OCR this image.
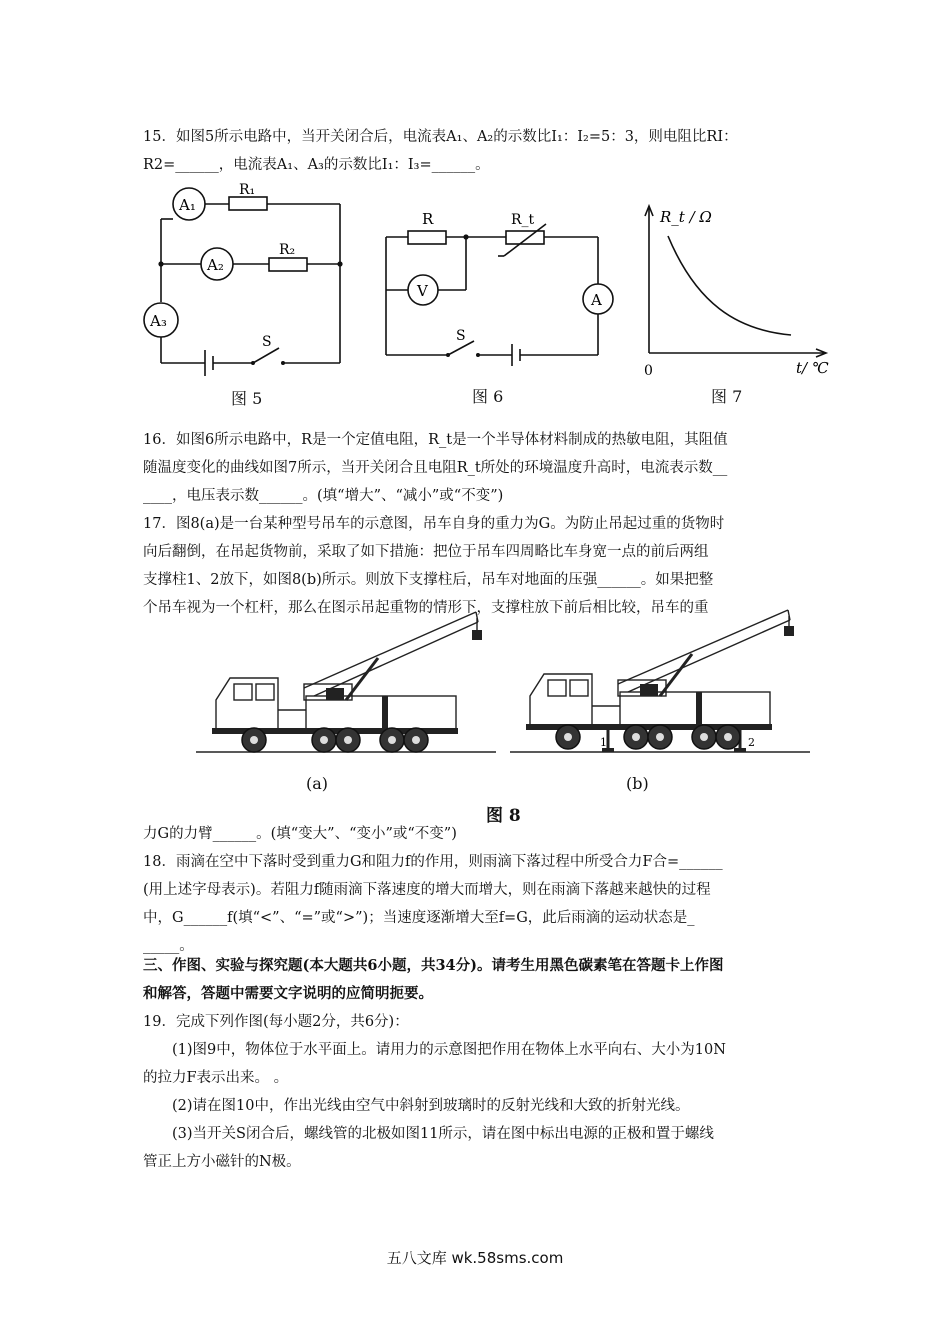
15．如图5所示电路中，当开关闭合后，电流表A₁、A₂的示数比I₁：I₂=5：3，则电阻比RI：

R2=______，电流表A₁、A₃的示数比I₁：I₃=______。

A₁
A₂
A₃
R₁
R₂
S
图 5
R	R_t
V	A
S
图 6
R_t / Ω
0	t/ ℃
图 7

16．如图6所示电路中，R是一个定值电阻，R_t是一个半导体材料制成的热敏电阻，其阻值

随温度变化的曲线如图7所示，当开关闭合且电阻R_t所处的环境温度升高时，电流表示数__

____，电压表示数______。(填“增大”、“减小”或“不变”)

17．图8(a)是一台某种型号吊车的示意图，吊车自身的重力为G。为防止吊起过重的货物时

向后翻倒，在吊起货物前，采取了如下措施：把位于吊车四周略比车身宽一点的前后两组

支撑柱1、2放下，如图8(b)所示。则放下支撑柱后，吊车对地面的压强______。如果把整

个吊车视为一个杠杆，那么在图示吊起重物的情形下，支撑柱放下前后相比较，吊车的重

(a)
1	2
(b)
图 8

力G的力臂______。(填“变大”、“变小”或“不变”)

18．雨滴在空中下落时受到重力G和阻力f的作用，则雨滴下落过程中所受合力F合=______

(用上述字母表示)。若阻力f随雨滴下落速度的增大而增大，则在雨滴下落越来越快的过程

中，G______f(填“<”、“=”或“>”)；当速度逐渐增大至f=G，此后雨滴的运动状态是_

_____。

三、作图、实验与探究题(本大题共6小题，共34分)。请考生用黑色碳素笔在答题卡上作图

和解答，答题中需要文字说明的应简明扼要。

19．完成下列作图(每小题2分，共6分)：

(1)图9中，物体位于水平面上。请用力的示意图把作用在物体上水平向右、大小为10N

的拉力F表示出来。 。

(2)请在图10中，作出光线由空气中斜射到玻璃时的反射光线和大致的折射光线。

(3)当开关S闭合后，螺线管的北极如图11所示，请在图中标出电源的正极和置于螺线

管正上方小磁针的N极。

五八文库 wk.58sms.com
